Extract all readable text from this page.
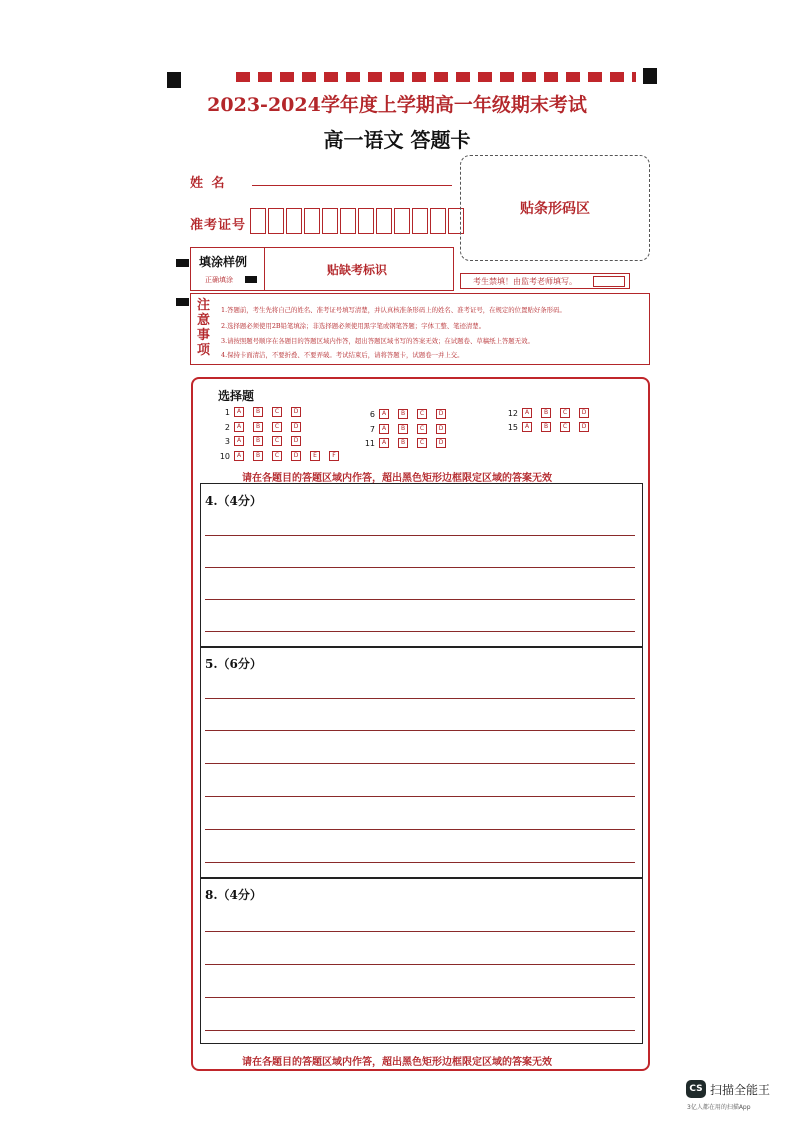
2023-2024学年度上学期高一年级期末考试
高一语文 答题卡
姓 名
准考证号
贴条形码区
填涂样例
正确填涂
贴缺考标识
考生禁填！由监考老师填写。
注意事项
1.答题前，考生先将自己的姓名、准考证号填写清楚，并认真核准条形码上的姓名、准考证号，在规定的位置贴好条形码。
2.选择题必须使用2B铅笔填涂；非选择题必须使用黑字笔或钢笔答题；字体工整、笔迹清楚。
3.请按照题号顺序在各题目的答题区域内作答，超出答题区域书写的答案无效；在试题卷、草稿纸上答题无效。
4.保持卡面清洁，不要折叠、不要弄破。考试结束后，请将答题卡，试题卷一并上交。
选择题
1	A	B	C	D
2	A	B	C	D
3	A	B	C	D
10	A	B	C	D	E	F
6	A	B	C	D
7	A	B	C	D
11	A	B	C	D
12	A	B	C	D
15	A	B	C	D
请在各题目的答题区域内作答，超出黑色矩形边框限定区域的答案无效
4.（4分）
5.（6分）
8.（4分）
请在各题目的答题区域内作答，超出黑色矩形边框限定区域的答案无效
CS 扫描全能王
3亿人都在用的扫描App
